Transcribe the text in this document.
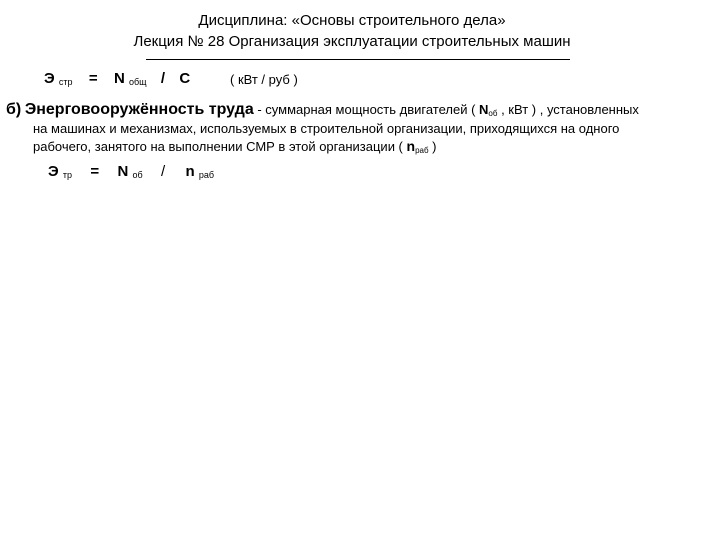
Дисциплина: «Основы строительного дела»
Лекция № 28 Организация эксплуатации строительных машин
Э $_{стр}$ = N $_{общ}$ / С	( кВт / руб )
б) Энерговооружённость труда - суммарная мощность двигателей ( $N_{об}$ , кВт ) , установленных
на машинах и механизмах, используемых в строительной организации, приходящихся на одного
рабочего, занятого на выполнении СМР в этой организации ( $n_{раб}$ )
Э $_{тр}$ = N $_{об}$ / n $_{раб}$
